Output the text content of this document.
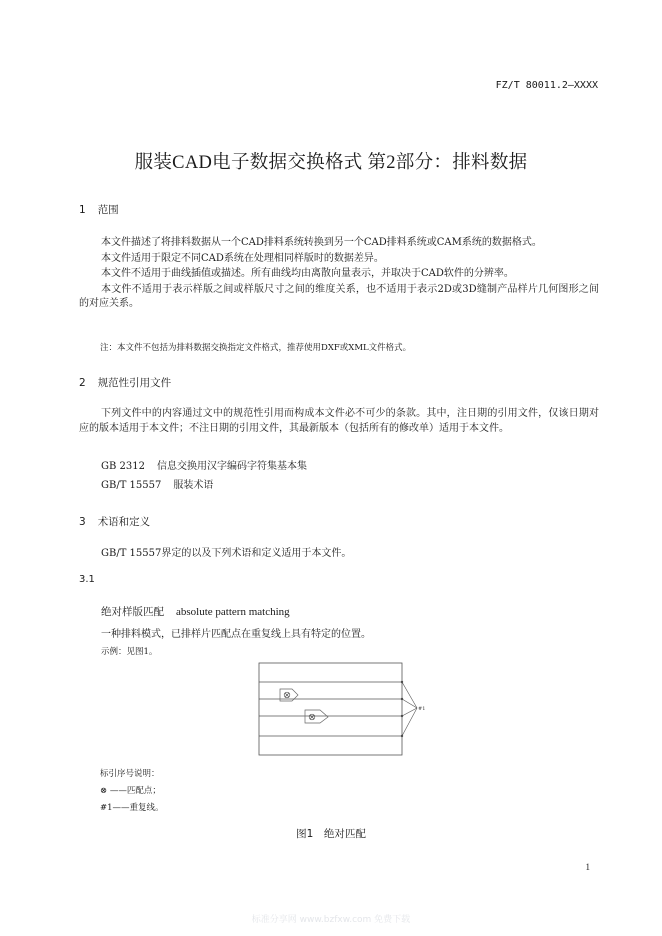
FZ/T 80011.2—XXXX
服装CAD电子数据交换格式 第2部分：排料数据
1 范围

本文件描述了将排料数据从一个CAD排料系统转换到另一个CAD排料系统或CAM系统的数据格式。

本文件适用于限定不同CAD系统在处理相同样版时的数据差异。

本文件不适用于曲线插值或描述。所有曲线均由离散向量表示，并取决于CAD软件的分辨率。

本文件不适用于表示样版之间或样版尺寸之间的维度关系，也不适用于表示2D或3D缝制产品样片几何图形之间的对应关系。

注：本文件不包括为排料数据交换指定文件格式，推荐使用DXF或XML文件格式。
2 规范性引用文件

下列文件中的内容通过文中的规范性引用而构成本文件必不可少的条款。其中，注日期的引用文件，仅该日期对应的版本适用于本文件；不注日期的引用文件，其最新版本（包括所有的修改单）适用于本文件。

GB 2312 信息交换用汉字编码字符集基本集
GB/T 15557 服装术语
3 术语和定义
GB/T 15557界定的以及下列术语和定义适用于本文件。
3.1
绝对样版匹配 absolute pattern matching
一种排料模式，已排样片匹配点在重复线上具有特定的位置。
示例：见图1。
#1
标引序号说明：
⊗ ——匹配点；
#1——重复线。
图1　绝对匹配
1
标准分享网 www.bzfxw.com 免费下载
